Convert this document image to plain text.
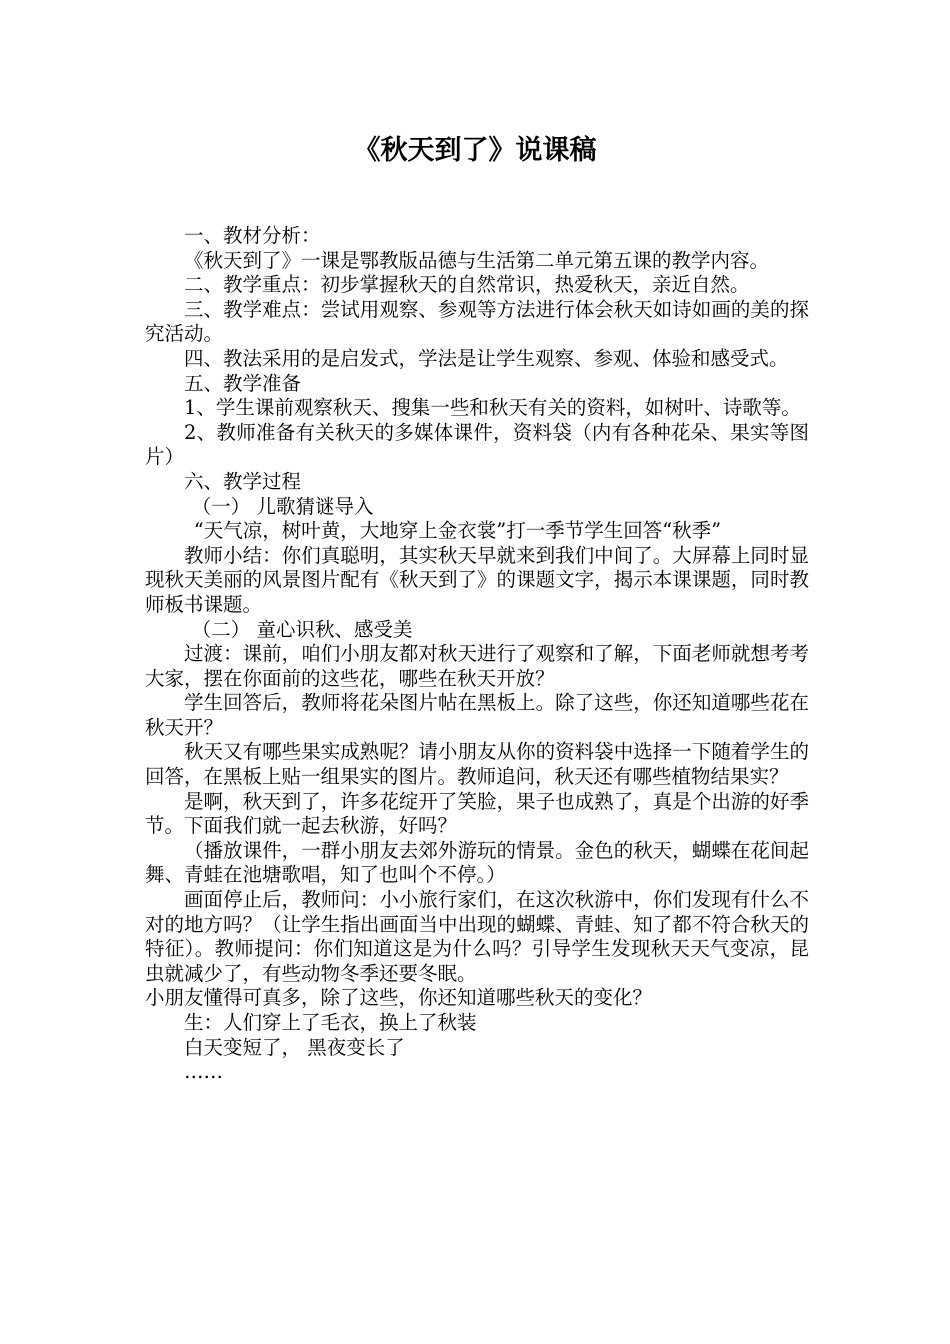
《秋天到了》说课稿

一、教材分析：

《秋天到了》一课是鄂教版品德与生活第二单元第五课的教学内容。

二、教学重点：初步掌握秋天的自然常识，热爱秋天，亲近自然。

三、教学难点：尝试用观察、参观等方法进行体会秋天如诗如画的美的探究活动。

四、教法采用的是启发式，学法是让学生观察、参观、体验和感受式。

五、教学准备

1、学生课前观察秋天、搜集一些和秋天有关的资料，如树叶、诗歌等。

2、教师准备有关秋天的多媒体课件，资料袋（内有各种花朵、果实等图片）

六、教学过程

（一） 儿歌猜谜导入

“天气凉，树叶黄，大地穿上金衣裳”打一季节学生回答“秋季”

教师小结：你们真聪明，其实秋天早就来到我们中间了。大屏幕上同时显现秋天美丽的风景图片配有《秋天到了》的课题文字，揭示本课课题，同时教师板书课题。

（二） 童心识秋、感受美

过渡：课前，咱们小朋友都对秋天进行了观察和了解，下面老师就想考考大家，摆在你面前的这些花，哪些在秋天开放？

学生回答后，教师将花朵图片帖在黑板上。除了这些，你还知道哪些花在秋天开？

秋天又有哪些果实成熟呢？请小朋友从你的资料袋中选择一下随着学生的回答，在黑板上贴一组果实的图片。教师追问，秋天还有哪些植物结果实？

是啊，秋天到了，许多花绽开了笑脸，果子也成熟了，真是个出游的好季节。下面我们就一起去秋游，好吗？

（播放课件，一群小朋友去郊外游玩的情景。金色的秋天，蝴蝶在花间起舞、青蛙在池塘歌唱，知了也叫个不停。）

画面停止后，教师问：小小旅行家们，在这次秋游中，你们发现有什么不对的地方吗？（让学生指出画面当中出现的蝴蝶、青蛙、知了都不符合秋天的特征）。教师提问：你们知道这是为什么吗？引导学生发现秋天天气变凉，昆虫就减少了，有些动物冬季还要冬眠。

小朋友懂得可真多，除了这些，你还知道哪些秋天的变化？

生：人们穿上了毛衣，换上了秋装

白天变短了， 黑夜变长了

……
